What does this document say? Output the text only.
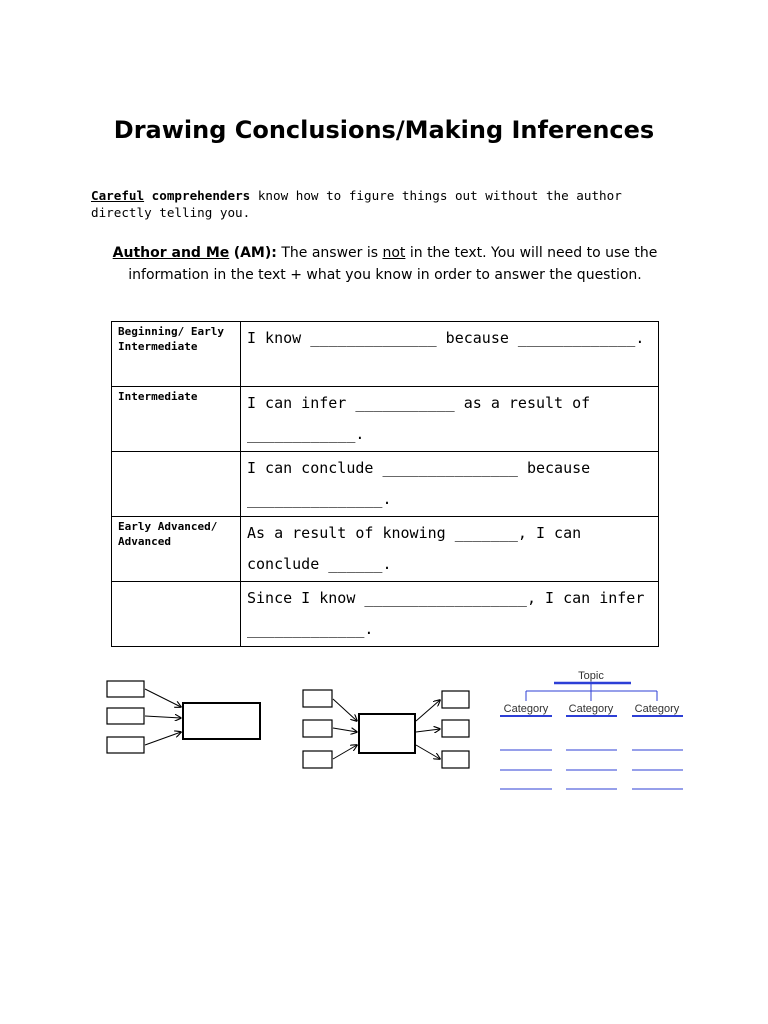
Drawing Conclusions/Making Inferences
Careful comprehenders know how to figure things out without the author directly telling you.
Author and Me (AM): The answer is not in the text. You will need to use the information in the text + what you know in order to answer the question.
Beginning/ Early Intermediate	I know ______________ because _____________.
Intermediate	I can infer ___________ as a result of ____________.
	I can conclude _______________ because _______________.
Early Advanced/ Advanced	As a result of knowing _______, I can conclude ______.
	Since I know __________________, I can infer _____________.
Topic
Category Category Category
